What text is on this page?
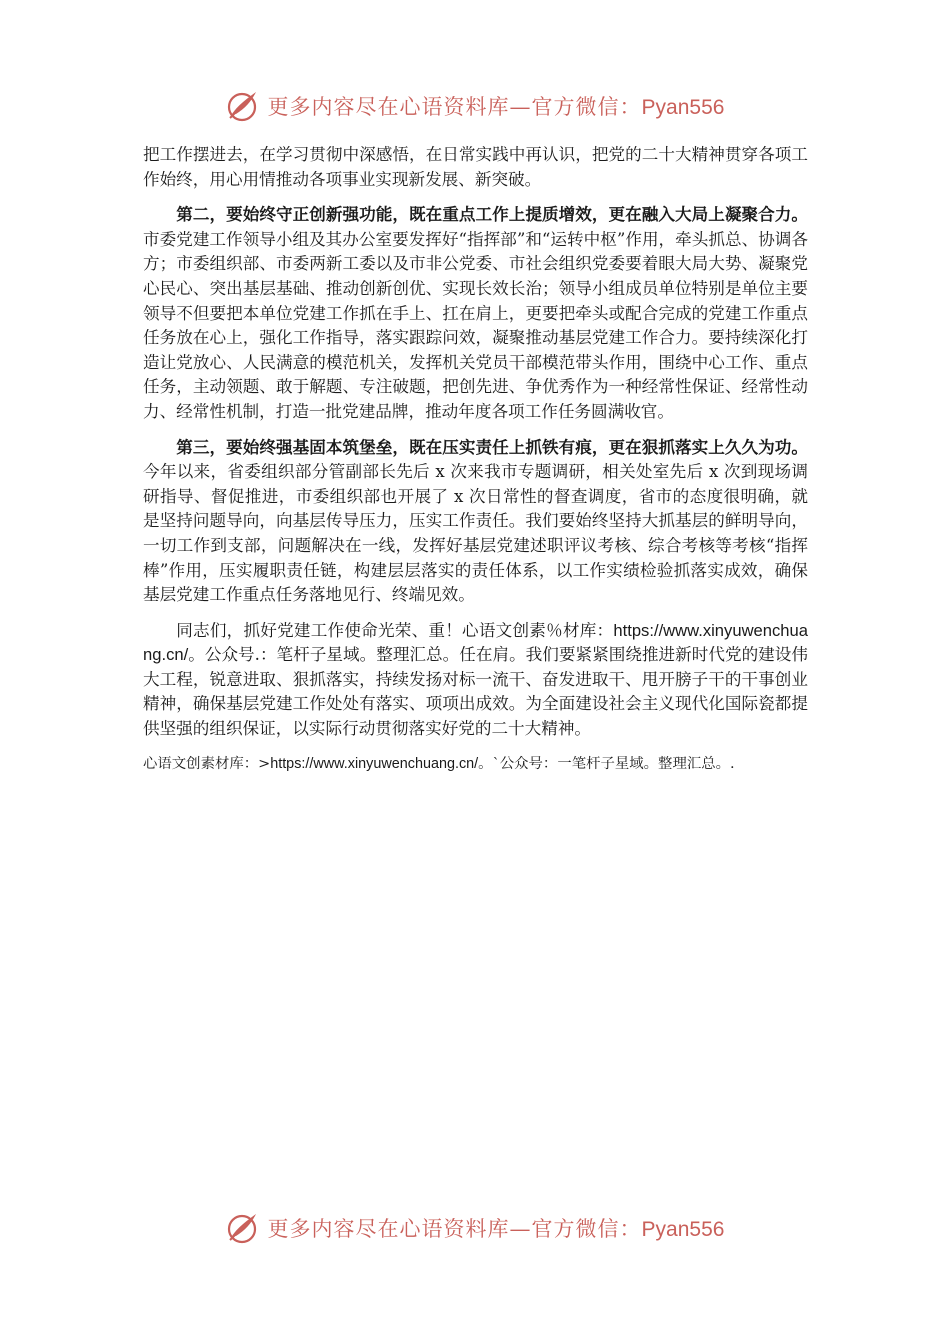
更多内容尽在心语资料库—官方微信：Pyan556

把工作摆进去，在学习贯彻中深感悟，在日常实践中再认识，把党的二十大精神贯穿各项工作始终，用心用情推动各项事业实现新发展、新突破。

第二，要始终守正创新强功能，既在重点工作上提质增效，更在融入大局上凝聚合力。市委党建工作领导小组及其办公室要发挥好“指挥部”和“运转中枢”作用，牵头抓总、协调各方；市委组织部、市委两新工委以及市非公党委、市社会组织党委要着眼大局大势、凝聚党心民心、突出基层基础、推动创新创优、实现长效长治；领导小组成员单位特别是单位主要领导不但要把本单位党建工作抓在手上、扛在肩上，更要把牵头或配合完成的党建工作重点任务放在心上，强化工作指导，落实跟踪问效，凝聚推动基层党建工作合力。要持续深化打造让党放心、人民满意的模范机关，发挥机关党员干部模范带头作用，围绕中心工作、重点任务，主动领题、敢于解题、专注破题，把创先进、争优秀作为一种经常性保证、经常性动力、经常性机制，打造一批党建品牌，推动年度各项工作任务圆满收官。

第三，要始终强基固本筑堡垒，既在压实责任上抓铁有痕，更在狠抓落实上久久为功。今年以来，省委组织部分管副部长先后 x 次来我市专题调研，相关处室先后 x 次到现场调研指导、督促推进，市委组织部也开展了 x 次日常性的督查调度，省市的态度很明确，就是坚持问题导向，向基层传导压力，压实工作责任。我们要始终坚持大抓基层的鲜明导向，一切工作到支部，问题解决在一线，发挥好基层党建述职评议考核、综合考核等考核“指挥棒”作用，压实履职责任链，构建层层落实的责任体系，以工作实绩检验抓落实成效，确保基层党建工作重点任务落地见行、终端见效。

同志们，抓好党建工作使命光荣、重！心语文创素％材库：https://www.xinyuwenchuang.cn/。公众号.：笔杆子星域。整理汇总。任在肩。我们要紧紧围绕推进新时代党的建设伟大工程，锐意进取、狠抓落实，持续发扬对标一流干、奋发进取干、甩开膀子干的干事创业精神，确保基层党建工作处处有落实、项项出成效。为全面建设社会主义现代化国际瓷都提供坚强的组织保证，以实际行动贯彻落实好党的二十大精神。

心语文创素材库：>https://www.xinyuwenchuang.cn/。`公众号：一笔杆子星域。整理汇总。.

更多内容尽在心语资料库—官方微信：Pyan556
